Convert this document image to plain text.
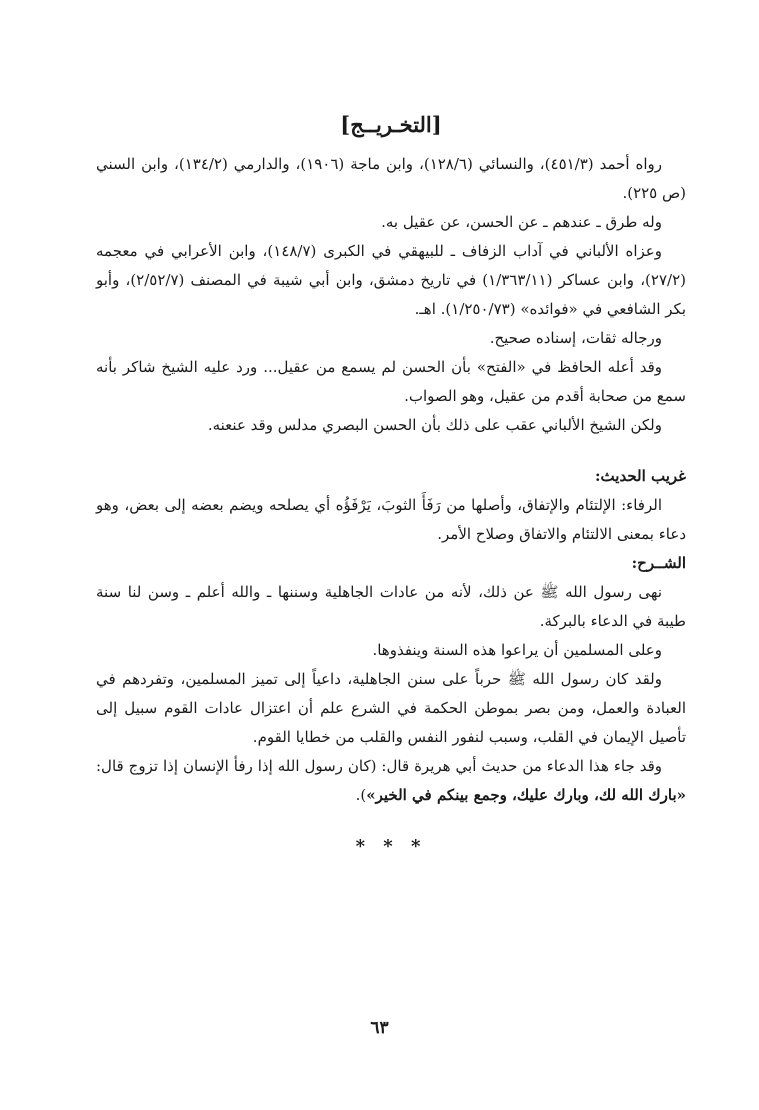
[التخـريــج]

رواه أحمد (٤٥١/٣)، والنسائي (١٢٨/٦)، وابن ماجة (١٩٠٦)، والدارمي (١٣٤/٢)، وابن السني (ص ٢٢٥).

وله طرق ـ عندهم ـ عن الحسن، عن عقيل به.

وعزاه الألباني في آداب الزفاف ـ للبيهقي في الكبرى (١٤٨/٧)، وابن الأعرابي في معجمه (٢٧/٢)، وابن عساكر (١/٣٦٣/١١) في تاريخ دمشق، وابن أبي شيبة في المصنف (٢/٥٢/٧)، وأبو بكر الشافعي في «فوائده» (١/٢٥٠/٧٣). اهـ.

ورجاله ثقات، إسناده صحيح.

وقد أعله الحافظ في «الفتح» بأن الحسن لم يسمع من عقيل... ورد عليه الشيخ شاكر بأنه سمع من صحابة أقدم من عقيل، وهو الصواب.

ولكن الشيخ الألباني عقب على ذلك بأن الحسن البصري مدلس وقد عنعنه.

غريب الحديث:

الرفاء: الإلتئام والإتفاق، وأصلها من رَفَأَ الثوبَ، يَرْفَؤُه أي يصلحه ويضم بعضه إلى بعض، وهو دعاء بمعنى الالتئام والاتفاق وصلاح الأمر.

الشــرح:

نهى رسول الله ﷺ عن ذلك، لأنه من عادات الجاهلية وسننها ـ والله أعلم ـ وسن لنا سنة طيبة في الدعاء بالبركة.

وعلى المسلمين أن يراعوا هذه السنة وينفذوها.

ولقد كان رسول الله ﷺ حرباً على سنن الجاهلية، داعياً إلى تميز المسلمين، وتفردهم في العبادة والعمل، ومن بصر بموطن الحكمة في الشرع علم أن اعتزال عادات القوم سبيل إلى تأصيل الإيمان في القلب، وسبب لنفور النفس والقلب من خطايا القوم.

وقد جاء هذا الدعاء من حديث أبي هريرة قال: (كان رسول الله إذا رفأ الإنسان إذا تزوج قال: «بارك الله لك، وبارك عليك، وجمع بينكم في الخير»).

* * *
٦٣
